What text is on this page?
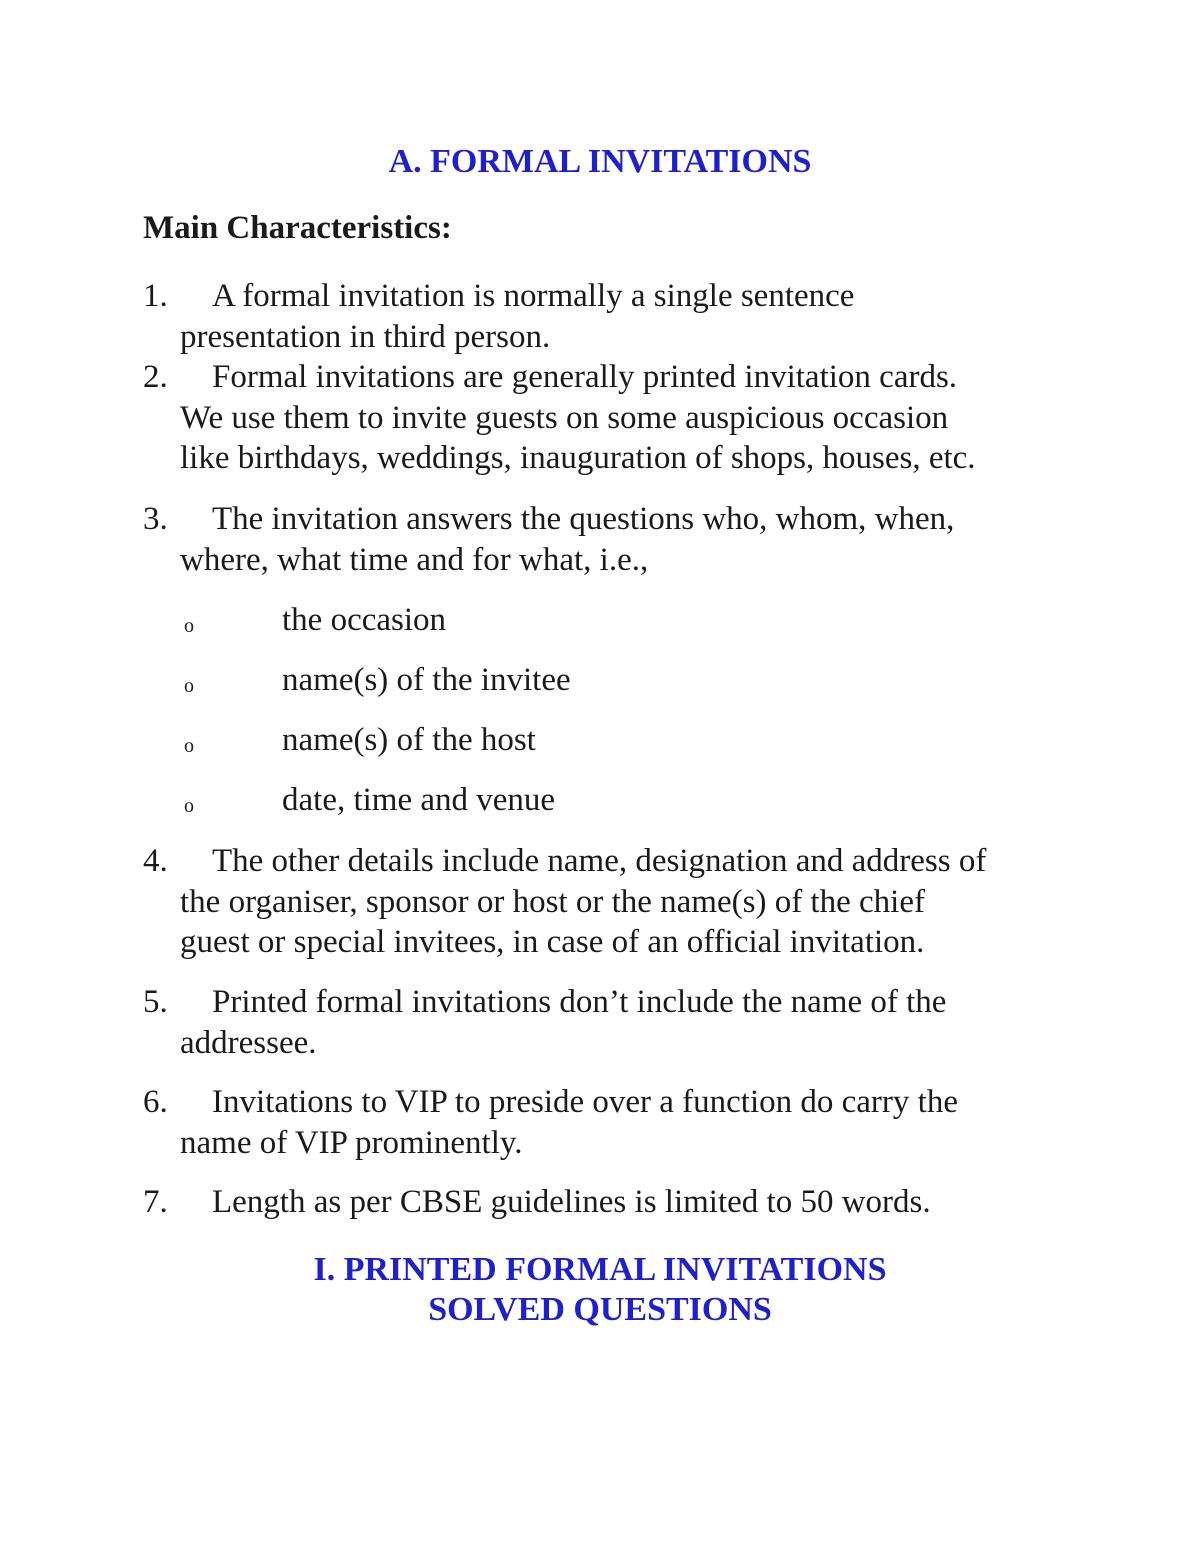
A. FORMAL INVITATIONS
Main Characteristics:
1. A formal invitation is normally a single sentence
presentation in third person.
2. Formal invitations are generally printed invitation cards.
We use them to invite guests on some auspicious occasion
like birthdays, weddings, inauguration of shops, houses, etc.
3. The invitation answers the questions who, whom, when,
where, what time and for what, i.e.,
o	the occasion
o	name(s) of the invitee
o	name(s) of the host
o	date, time and venue
4. The other details include name, designation and address of
the organiser, sponsor or host or the name(s) of the chief
guest or special invitees, in case of an official invitation.
5. Printed formal invitations don’t include the name of the
addressee.
6. Invitations to VIP to preside over a function do carry the
name of VIP prominently.
7. Length as per CBSE guidelines is limited to 50 words.
I. PRINTED FORMAL INVITATIONS
SOLVED QUESTIONS
